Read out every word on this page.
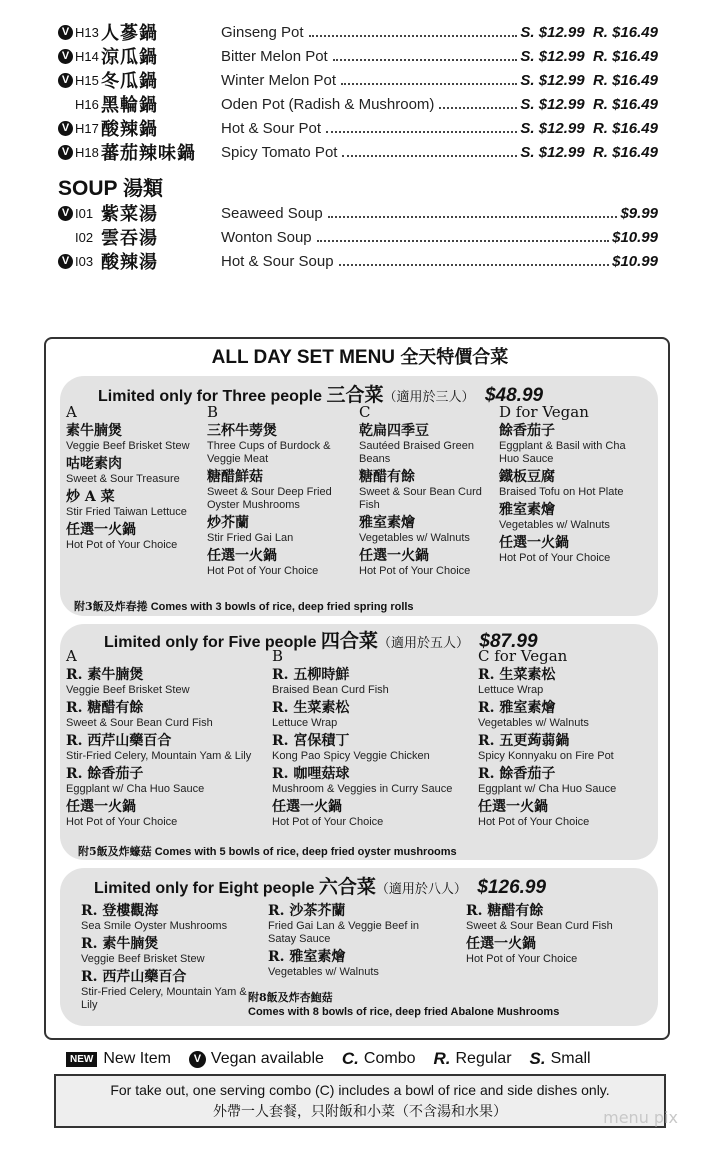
V H13 人蔘鍋	Ginseng Pot	S. $12.99  R. $16.49
V H14 涼瓜鍋	Bitter Melon Pot	S. $12.99  R. $16.49
V H15 冬瓜鍋	Winter Melon Pot	S. $12.99  R. $16.49
H16 黑輪鍋	Oden Pot (Radish & Mushroom)	S. $12.99  R. $16.49
V H17 酸辣鍋	Hot & Sour Pot	S. $12.99  R. $16.49
V H18 蕃茄辣味鍋	Spicy Tomato Pot	S. $12.99  R. $16.49
SOUP 湯類
V I01 紫菜湯	Seaweed Soup	$9.99
I02 雲吞湯	Wonton Soup	$10.99
V I03 酸辣湯	Hot & Sour Soup	$10.99
ALL DAY SET MENU 全天特價合菜
Limited only for Three people 三合菜（適用於三人） $48.99
A
素牛腩煲
Veggie Beef Brisket Stew
咕咾素肉
Sweet & Sour Treasure
炒 A 菜
Stir Fried Taiwan Lettuce
任選一火鍋
Hot Pot of Your Choice
B
三杯牛蒡煲
Three Cups of Burdock & Veggie Meat
糖醋鮮菇
Sweet & Sour Deep Fried Oyster Mushrooms
炒芥蘭
Stir Fried Gai Lan
任選一火鍋
Hot Pot of Your Choice
C
乾扁四季豆
Sautéed Braised Green Beans
糖醋有餘
Sweet & Sour Bean Curd Fish
雅室素燴
Vegetables w/ Walnuts
任選一火鍋
Hot Pot of Your Choice
D for Vegan
餘香茄子
Eggplant & Basil with Cha Huo Sauce
鐵板豆腐
Braised Tofu on Hot Plate
雅室素燴
Vegetables w/ Walnuts
任選一火鍋
Hot Pot of Your Choice
附3飯及炸春捲 Comes with 3 bowls of rice, deep fried spring rolls
Limited only for Five people 四合菜（適用於五人） $87.99
A
R. 素牛腩煲
Veggie Beef Brisket Stew
R. 糖醋有餘
Sweet & Sour Bean Curd Fish
R. 西芹山藥百合
Stir-Fried Celery, Mountain Yam & Lily
R. 餘香茄子
Eggplant w/ Cha Huo Sauce
任選一火鍋
Hot Pot of Your Choice
B
R. 五柳時鮮
Braised Bean Curd Fish
R. 生菜素松
Lettuce Wrap
R. 宮保積丁
Kong Pao Spicy Veggie Chicken
R. 咖哩菇球
Mushroom & Veggies in Curry Sauce
任選一火鍋
Hot Pot of Your Choice
C for Vegan
R. 生菜素松
Lettuce Wrap
R. 雅室素燴
Vegetables w/ Walnuts
R. 五更蒟蒻鍋
Spicy Konnyaku on Fire Pot
R. 餘香茄子
Eggplant w/ Cha Huo Sauce
任選一火鍋
Hot Pot of Your Choice
附5飯及炸蠔菇 Comes with 5 bowls of rice, deep fried oyster mushrooms
Limited only for Eight people 六合菜（適用於八人） $126.99
R. 登樓觀海
Sea Smile Oyster Mushrooms
R. 素牛腩煲
Veggie Beef Brisket Stew
R. 西芹山藥百合
Stir-Fried Celery, Mountain Yam & Lily
R. 沙茶芥蘭
Fried Gai Lan & Veggie Beef in Satay Sauce
R. 雅室素燴
Vegetables w/ Walnuts
R. 糖醋有餘
Sweet & Sour Bean Curd Fish
任選一火鍋
Hot Pot of Your Choice
附8飯及炸杏鮑菇
Comes with 8 bowls of rice, deep fried Abalone Mushrooms
NEW New Item	V Vegan available C. Combo R. Regular S. Small
For take out, one serving combo (C) includes a bowl of rice and side dishes only.
外帶一人套餐，只附飯和小菜（不含湯和水果）	menu pix
